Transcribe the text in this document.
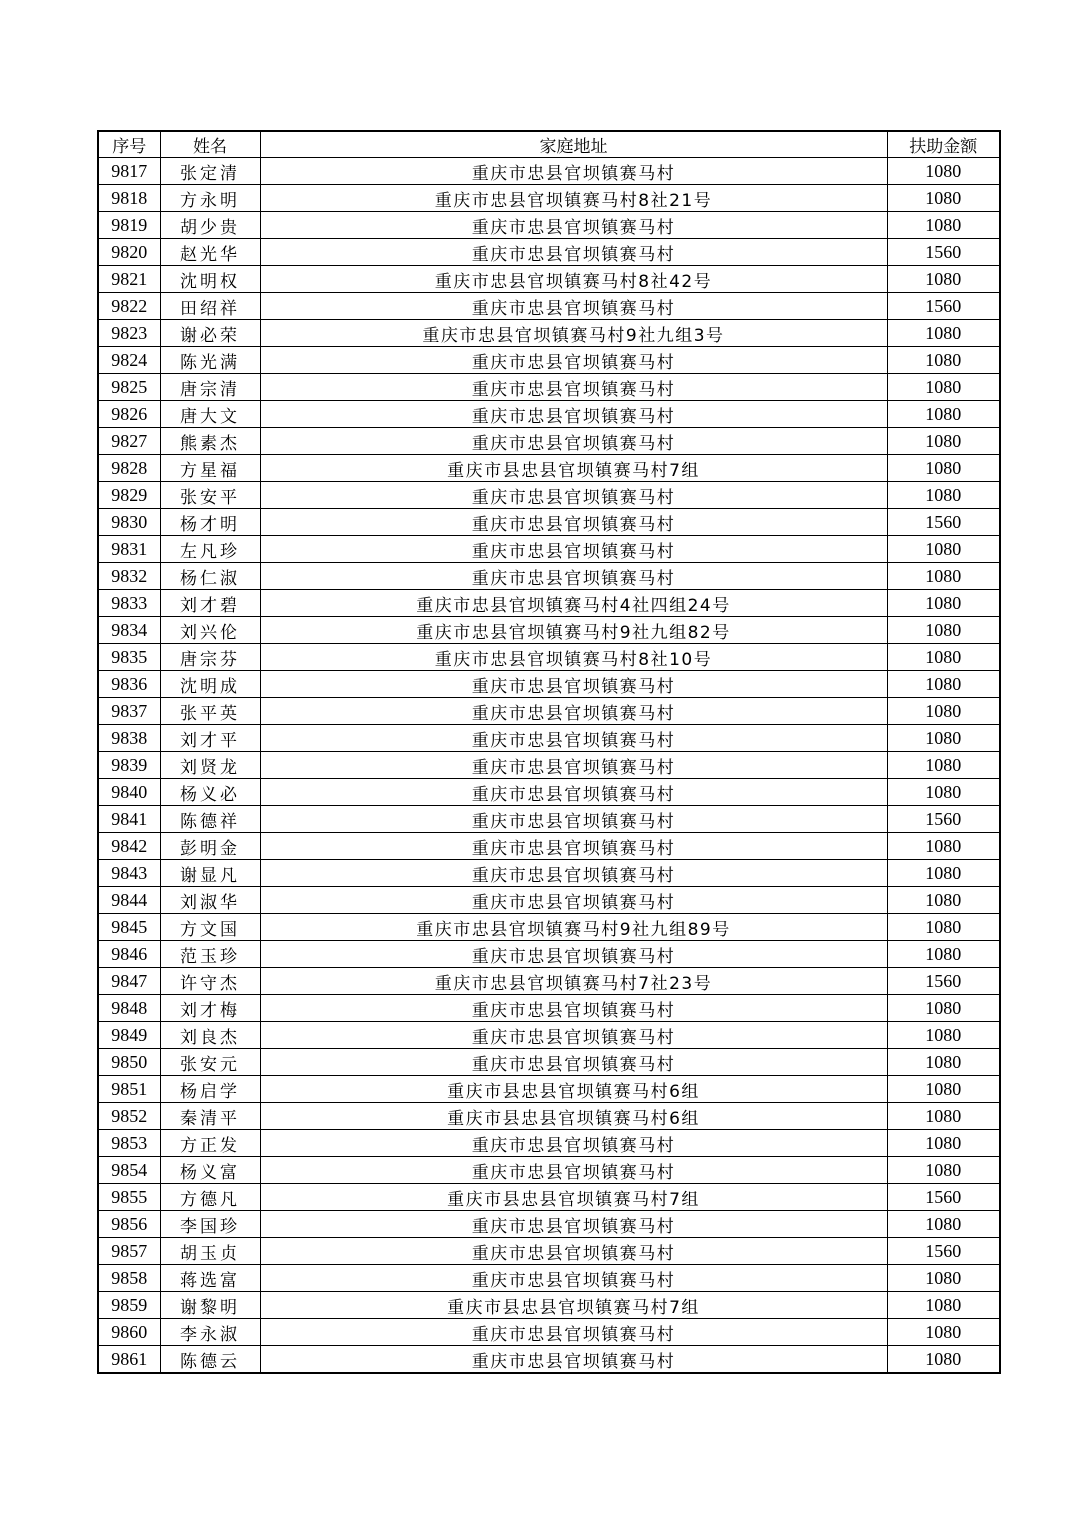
序号	姓名	家庭地址	扶助金额
9817	张定清	重庆市忠县官坝镇赛马村	1080
9818	方永明	重庆市忠县官坝镇赛马村8社21号	1080
9819	胡少贵	重庆市忠县官坝镇赛马村	1080
9820	赵光华	重庆市忠县官坝镇赛马村	1560
9821	沈明权	重庆市忠县官坝镇赛马村8社42号	1080
9822	田绍祥	重庆市忠县官坝镇赛马村	1560
9823	谢必荣	重庆市忠县官坝镇赛马村9社九组3号	1080
9824	陈光满	重庆市忠县官坝镇赛马村	1080
9825	唐宗清	重庆市忠县官坝镇赛马村	1080
9826	唐大文	重庆市忠县官坝镇赛马村	1080
9827	熊素杰	重庆市忠县官坝镇赛马村	1080
9828	方星福	重庆市县忠县官坝镇赛马村7组	1080
9829	张安平	重庆市忠县官坝镇赛马村	1080
9830	杨才明	重庆市忠县官坝镇赛马村	1560
9831	左凡珍	重庆市忠县官坝镇赛马村	1080
9832	杨仁淑	重庆市忠县官坝镇赛马村	1080
9833	刘才碧	重庆市忠县官坝镇赛马村4社四组24号	1080
9834	刘兴伦	重庆市忠县官坝镇赛马村9社九组82号	1080
9835	唐宗芬	重庆市忠县官坝镇赛马村8社10号	1080
9836	沈明成	重庆市忠县官坝镇赛马村	1080
9837	张平英	重庆市忠县官坝镇赛马村	1080
9838	刘才平	重庆市忠县官坝镇赛马村	1080
9839	刘贤龙	重庆市忠县官坝镇赛马村	1080
9840	杨义必	重庆市忠县官坝镇赛马村	1080
9841	陈德祥	重庆市忠县官坝镇赛马村	1560
9842	彭明金	重庆市忠县官坝镇赛马村	1080
9843	谢显凡	重庆市忠县官坝镇赛马村	1080
9844	刘淑华	重庆市忠县官坝镇赛马村	1080
9845	方文国	重庆市忠县官坝镇赛马村9社九组89号	1080
9846	范玉珍	重庆市忠县官坝镇赛马村	1080
9847	许守杰	重庆市忠县官坝镇赛马村7社23号	1560
9848	刘才梅	重庆市忠县官坝镇赛马村	1080
9849	刘良杰	重庆市忠县官坝镇赛马村	1080
9850	张安元	重庆市忠县官坝镇赛马村	1080
9851	杨启学	重庆市县忠县官坝镇赛马村6组	1080
9852	秦清平	重庆市县忠县官坝镇赛马村6组	1080
9853	方正发	重庆市忠县官坝镇赛马村	1080
9854	杨义富	重庆市忠县官坝镇赛马村	1080
9855	方德凡	重庆市县忠县官坝镇赛马村7组	1560
9856	李国珍	重庆市忠县官坝镇赛马村	1080
9857	胡玉贞	重庆市忠县官坝镇赛马村	1560
9858	蒋选富	重庆市忠县官坝镇赛马村	1080
9859	谢黎明	重庆市县忠县官坝镇赛马村7组	1080
9860	李永淑	重庆市忠县官坝镇赛马村	1080
9861	陈德云	重庆市忠县官坝镇赛马村	1080
